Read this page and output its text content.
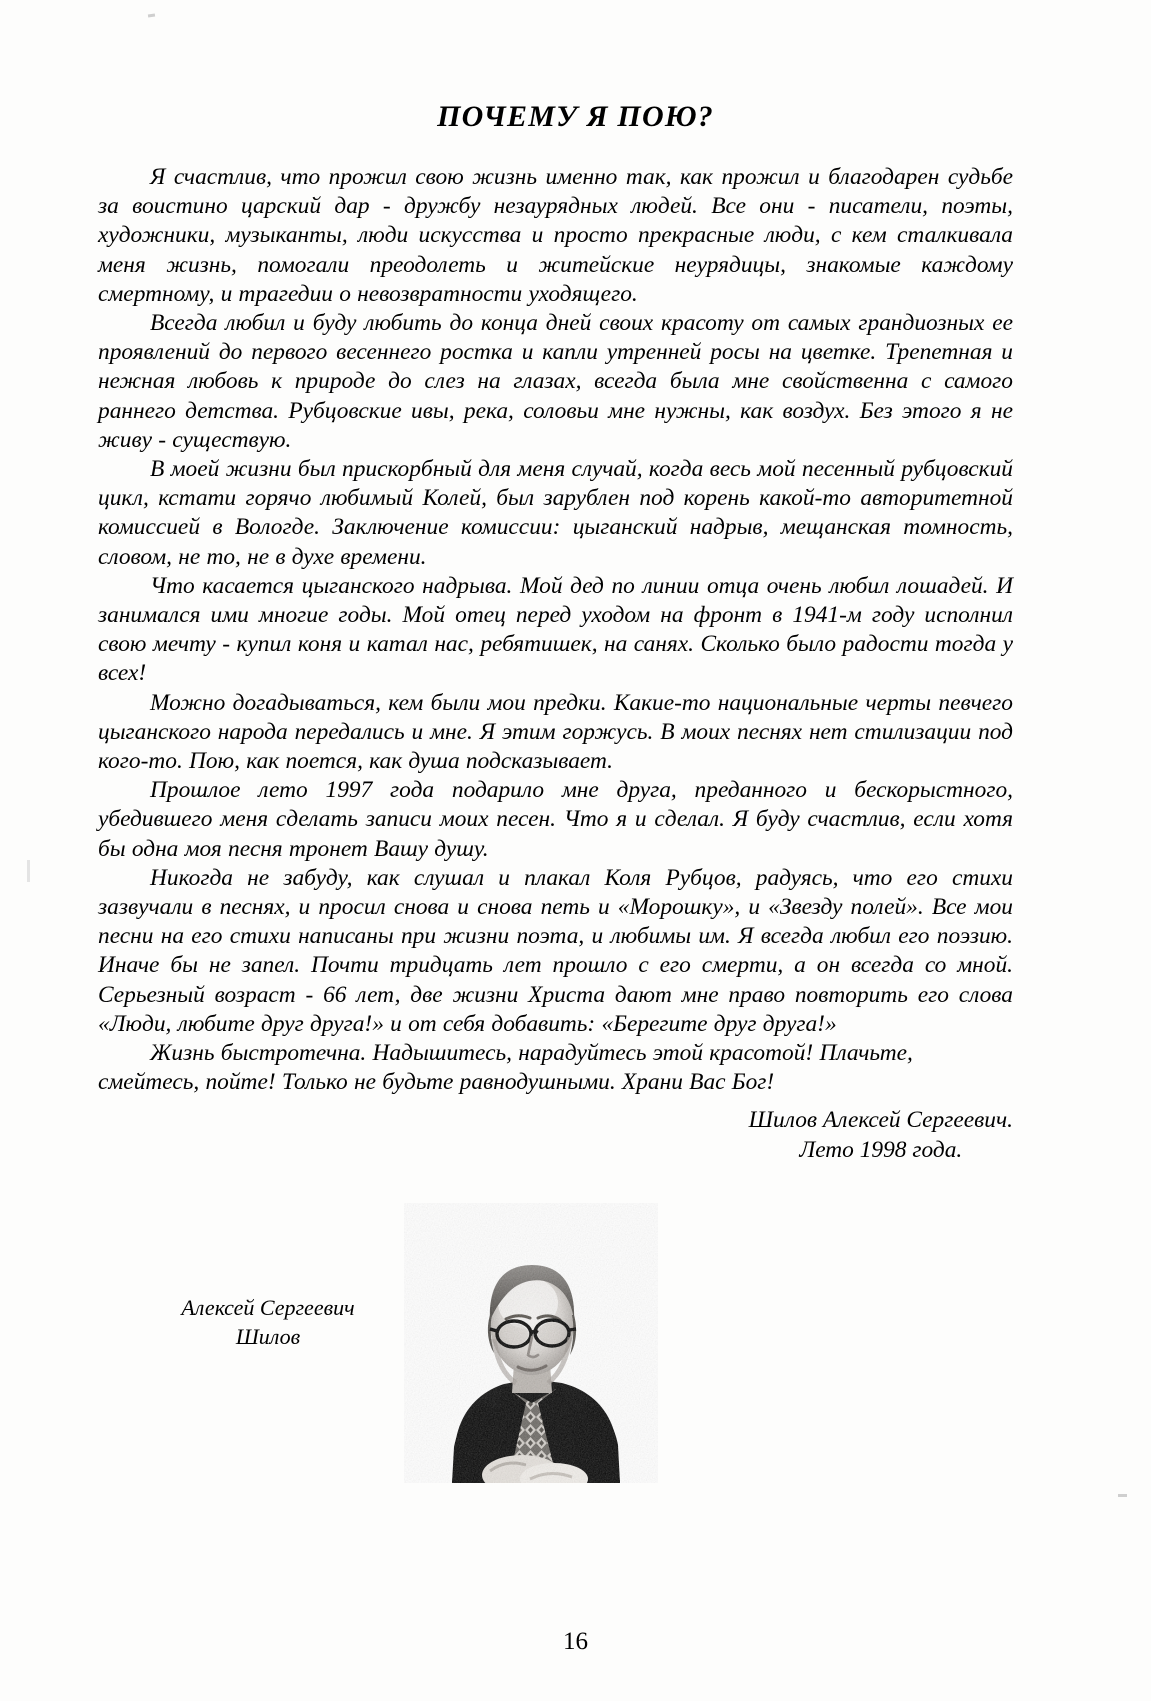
ПОЧЕМУ Я ПОЮ?

Я счастлив, что прожил свою жизнь именно так, как прожил и благодарен судьбе за воистино царский дар - дружбу незаурядных людей. Все они - писатели, поэты, художники, музыканты, люди искусства и просто прекрасные люди, с кем сталкивала меня жизнь, помогали преодолеть и житейские неурядицы, знакомые каждому смертному, и трагедии о невозвратности уходящего.

Всегда любил и буду любить до конца дней своих красоту от самых грандиозных ее проявлений до первого весеннего ростка и капли утренней росы на цветке. Трепетная и нежная любовь к природе до слез на глазах, всегда была мне свойственна с самого раннего детства. Рубцовские ивы, река, соловьи мне нужны, как воздух. Без этого я не живу - существую.

В моей жизни был прискорбный для меня случай, когда весь мой песенный рубцовский цикл, кстати горячо любимый Колей, был зарублен под корень какой-то авторитетной комиссией в Вологде. Заключение комиссии: цыганский надрыв, мещанская томность, словом, не то, не в духе времени.

Что касается цыганского надрыва. Мой дед по линии отца очень любил лошадей. И занимался ими многие годы. Мой отец перед уходом на фронт в 1941-м году исполнил свою мечту - купил коня и катал нас, ребятишек, на санях. Сколько было радости тогда у всех!

Можно догадываться, кем были мои предки. Какие-то национальные черты певчего цыганского народа передались и мне. Я этим горжусь. В моих песнях нет стилизации под кого-то. Пою, как поется, как душа подсказывает.

Прошлое лето 1997 года подарило мне друга, преданного и бескорыстного, убедившего меня сделать записи моих песен. Что я и сделал. Я буду счастлив, если хотя бы одна моя песня тронет Вашу душу.

Никогда не забуду, как слушал и плакал Коля Рубцов, радуясь, что его стихи зазвучали в песнях, и просил снова и снова петь и «Морошку», и «Звезду полей». Все мои песни на его стихи написаны при жизни поэта, и любимы им. Я всегда любил его поэзию. Иначе бы не запел. Почти тридцать лет прошло с его смерти, а он всегда со мной. Серьезный возраст - 66 лет, две жизни Христа дают мне право повторить его слова «Люди, любите друг друга!» и от себя добавить: «Берегите друг друга!»

Жизнь быстротечна. Надышитесь, нарадуйтесь этой красотой! Плачьте, смейтесь, пойте! Только не будьте равнодушными. Храни Вас Бог!

Шилов Алексей Сергеевич.
Лето 1998 года.
Алексей Сергеевич
Шилов
16
